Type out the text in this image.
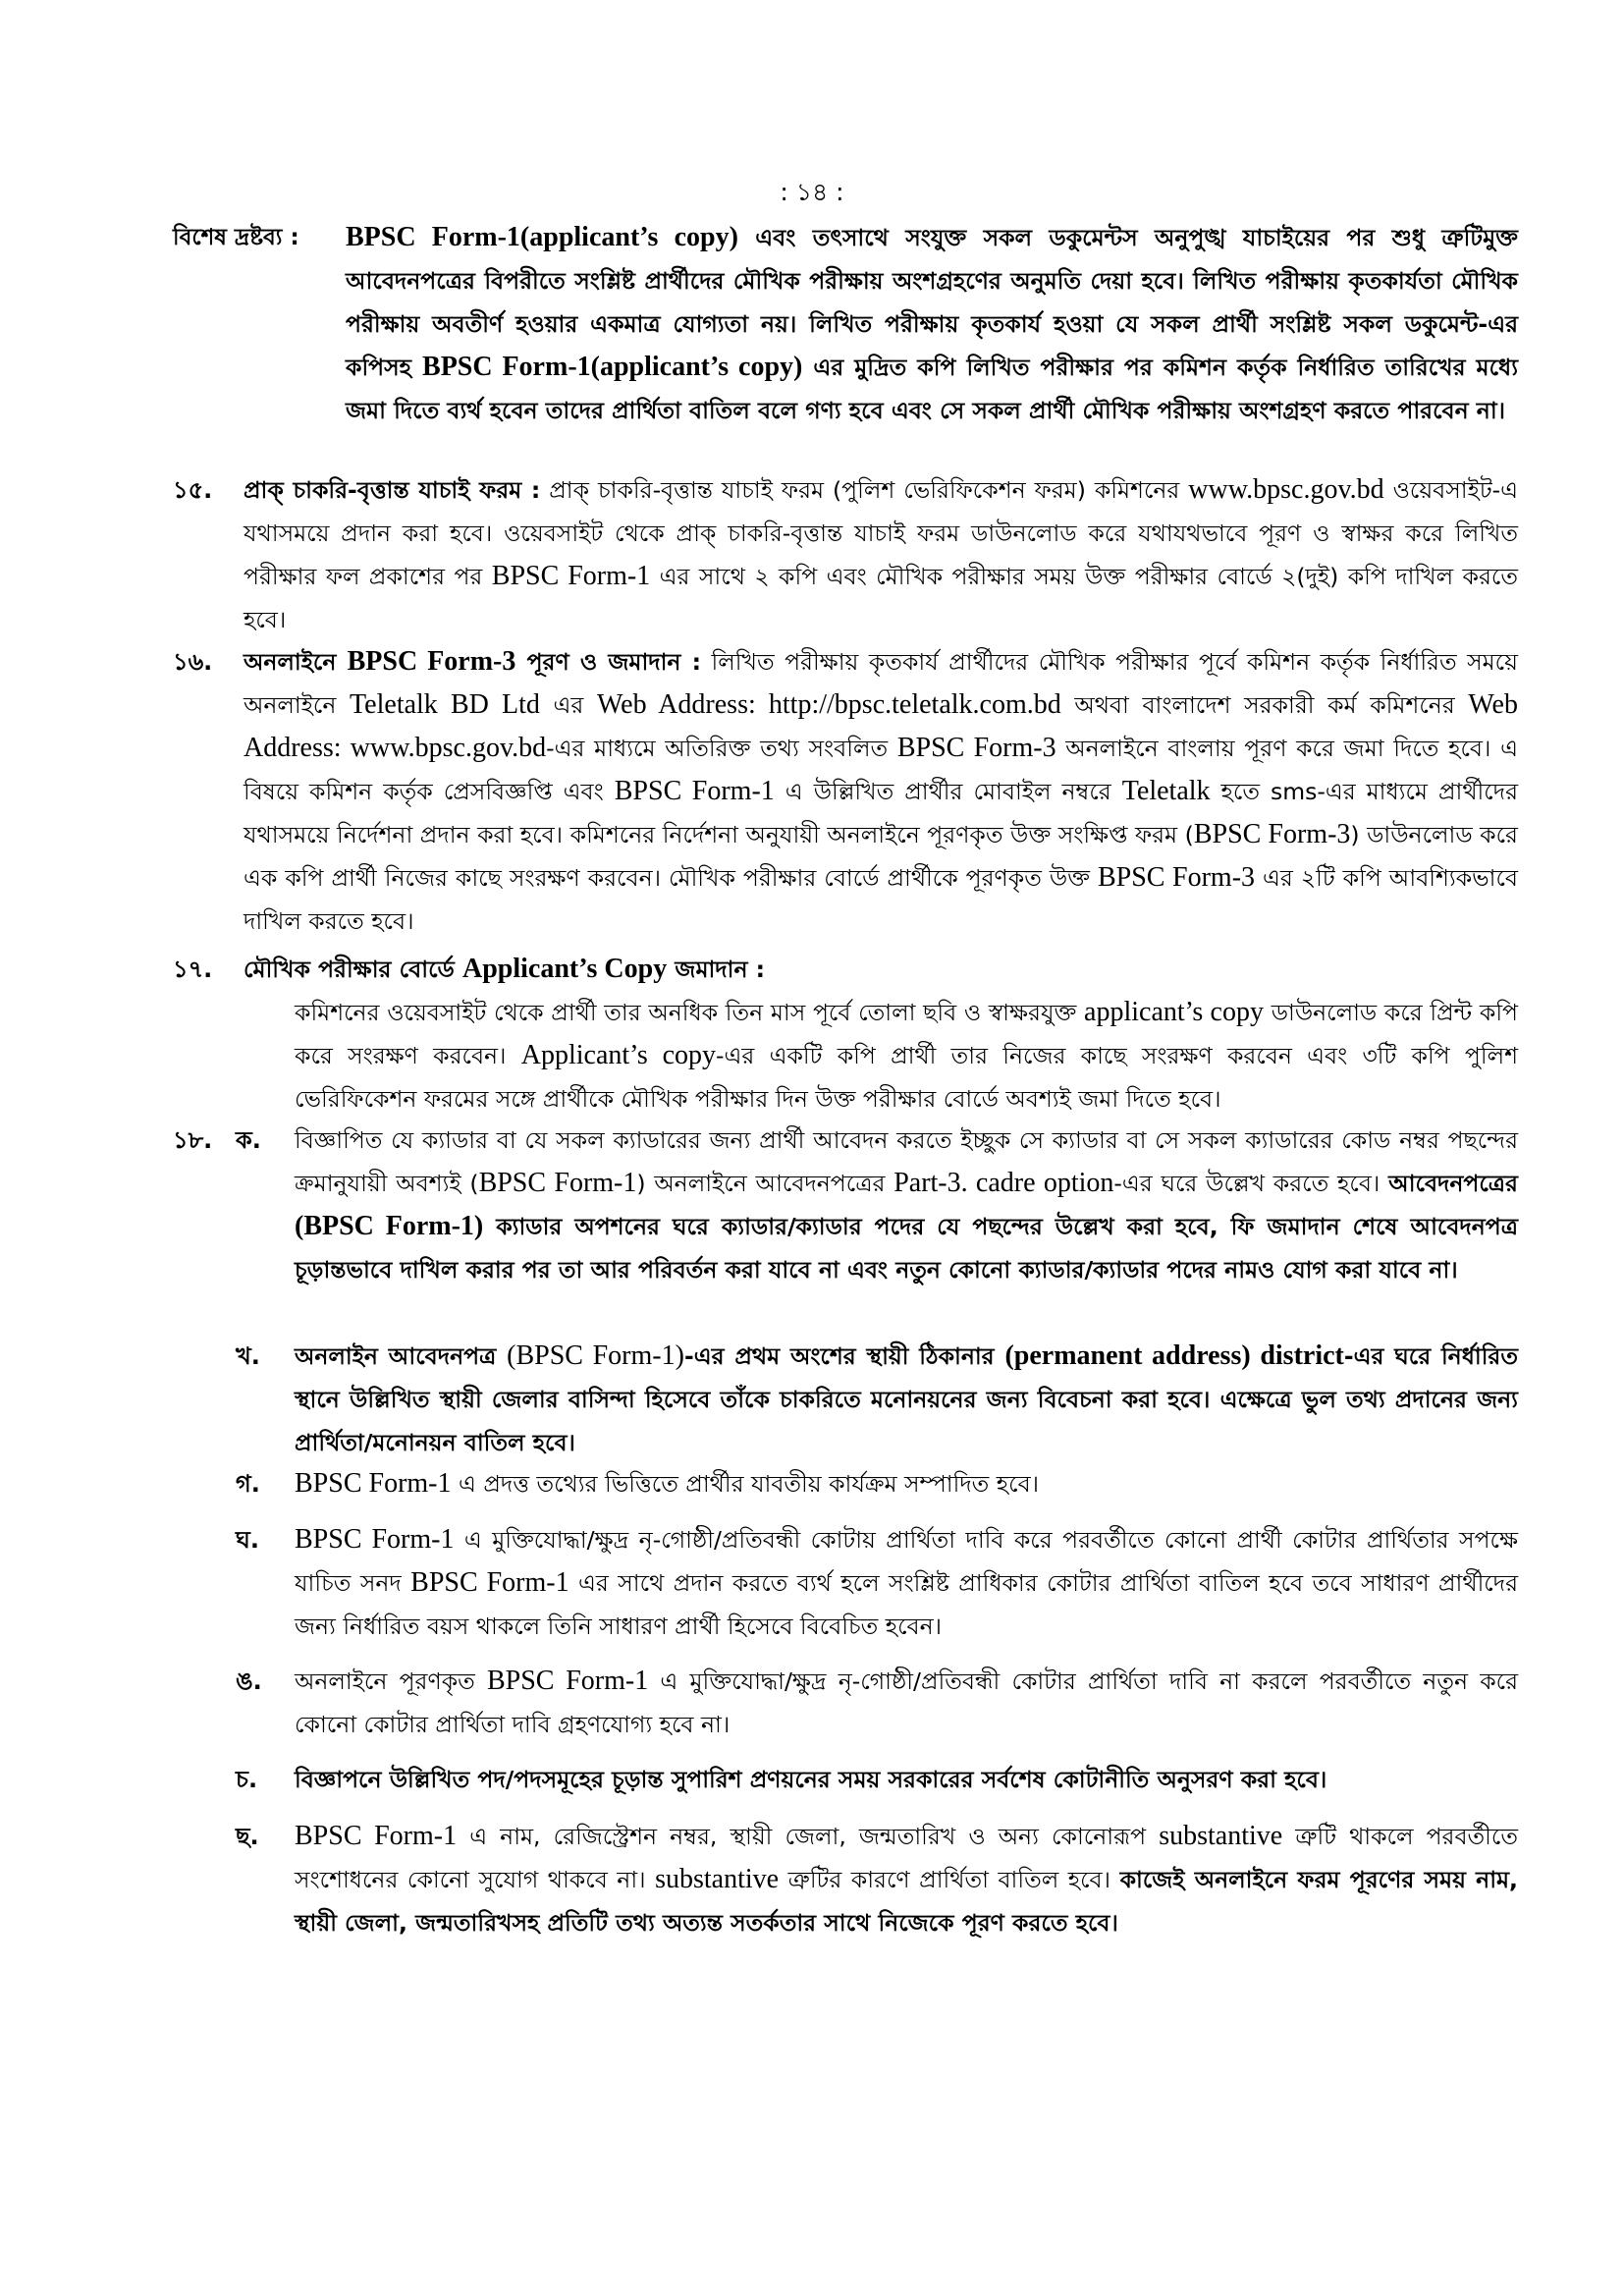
: ১৪ :
বিশেষ দ্রষ্টব্য : BPSC Form-1(applicant’s copy) এবং তৎসাথে সংযুক্ত সকল ডকুমেন্টস অনুপুঙ্খ যাচাইয়ের পর শুধু ত্রুটিমুক্ত আবেদনপত্রের বিপরীতে সংশ্লিষ্ট প্রার্থীদের মৌখিক পরীক্ষায় অংশগ্রহণের অনুমতি দেয়া হবে। লিখিত পরীক্ষায় কৃতকার্যতা মৌখিক পরীক্ষায় অবতীর্ণ হওয়ার একমাত্র যোগ্যতা নয়। লিখিত পরীক্ষায় কৃতকার্য হওয়া যে সকল প্রার্থী সংশ্লিষ্ট সকল ডকুমেন্ট-এর কপিসহ BPSC Form-1(applicant’s copy) এর মুদ্রিত কপি লিখিত পরীক্ষার পর কমিশন কর্তৃক নির্ধারিত তারিখের মধ্যে জমা দিতে ব্যর্থ হবেন তাদের প্রার্থিতা বাতিল বলে গণ্য হবে এবং সে সকল প্রার্থী মৌখিক পরীক্ষায় অংশগ্রহণ করতে পারবেন না।
১৫. প্রাক্ চাকরি-বৃত্তান্ত যাচাই ফরম : প্রাক্ চাকরি-বৃত্তান্ত যাচাই ফরম (পুলিশ ভেরিফিকেশন ফরম) কমিশনের www.bpsc.gov.bd ওয়েবসাইট-এ যথাসময়ে প্রদান করা হবে। ওয়েবসাইট থেকে প্রাক্ চাকরি-বৃত্তান্ত যাচাই ফরম ডাউনলোড করে যথাযথভাবে পূরণ ও স্বাক্ষর করে লিখিত পরীক্ষার ফল প্রকাশের পর BPSC Form-1 এর সাথে ২ কপি এবং মৌখিক পরীক্ষার সময় উক্ত পরীক্ষার বোর্ডে ২(দুই) কপি দাখিল করতে হবে।
১৬. অনলাইনে BPSC Form-3 পূরণ ও জমাদান : লিখিত পরীক্ষায় কৃতকার্য প্রার্থীদের মৌখিক পরীক্ষার পূর্বে কমিশন কর্তৃক নির্ধারিত সময়ে অনলাইনে Teletalk BD Ltd এর Web Address: http://bpsc.teletalk.com.bd অথবা বাংলাদেশ সরকারী কর্ম কমিশনের Web Address: www.bpsc.gov.bd-এর মাধ্যমে অতিরিক্ত তথ্য সংবলিত BPSC Form-3 অনলাইনে বাংলায় পূরণ করে জমা দিতে হবে। এ বিষয়ে কমিশন কর্তৃক প্রেসবিজ্ঞপ্তি এবং BPSC Form-1 এ উল্লিখিত প্রার্থীর মোবাইল নম্বরে Teletalk হতে sms-এর মাধ্যমে প্রার্থীদের যথাসময়ে নির্দেশনা প্রদান করা হবে। কমিশনের নির্দেশনা অনুযায়ী অনলাইনে পূরণকৃত উক্ত সংক্ষিপ্ত ফরম (BPSC Form-3) ডাউনলোড করে এক কপি প্রার্থী নিজের কাছে সংরক্ষণ করবেন। মৌখিক পরীক্ষার বোর্ডে প্রার্থীকে পূরণকৃত উক্ত BPSC Form-3 এর ২টি কপি আবশ্যিকভাবে দাখিল করতে হবে।
১৭. মৌখিক পরীক্ষার বোর্ডে Applicant’s Copy জমাদান :
কমিশনের ওয়েবসাইট থেকে প্রার্থী তার অনধিক তিন মাস পূর্বে তোলা ছবি ও স্বাক্ষরযুক্ত applicant’s copy ডাউনলোড করে প্রিন্ট কপি করে সংরক্ষণ করবেন। Applicant’s copy-এর একটি কপি প্রার্থী তার নিজের কাছে সংরক্ষণ করবেন এবং ৩টি কপি পুলিশ ভেরিফিকেশন ফরমের সঙ্গে প্রার্থীকে মৌখিক পরীক্ষার দিন উক্ত পরীক্ষার বোর্ডে অবশ্যই জমা দিতে হবে।
১৮. ক. বিজ্ঞাপিত যে ক্যাডার বা যে সকল ক্যাডারের জন্য প্রার্থী আবেদন করতে ইচ্ছুক সে ক্যাডার বা সে সকল ক্যাডারের কোড নম্বর পছন্দের ক্রমানুযায়ী অবশ্যই (BPSC Form-1) অনলাইনে আবেদনপত্রের Part-3. cadre option-এর ঘরে উল্লেখ করতে হবে। আবেদনপত্রের (BPSC Form-1) ক্যাডার অপশনের ঘরে ক্যাডার/ক্যাডার পদের যে পছন্দের উল্লেখ করা হবে, ফি জমাদান শেষে আবেদনপত্র চূড়ান্তভাবে দাখিল করার পর তা আর পরিবর্তন করা যাবে না এবং নতুন কোনো ক্যাডার/ক্যাডার পদের নামও যোগ করা যাবে না।
খ. অনলাইন আবেদনপত্র (BPSC Form-1)-এর প্রথম অংশের স্থায়ী ঠিকানার (permanent address) district-এর ঘরে নির্ধারিত স্থানে উল্লিখিত স্থায়ী জেলার বাসিন্দা হিসেবে তাঁকে চাকরিতে মনোনয়নের জন্য বিবেচনা করা হবে। এক্ষেত্রে ভুল তথ্য প্রদানের জন্য প্রার্থিতা/মনোনয়ন বাতিল হবে।
গ. BPSC Form-1 এ প্রদত্ত তথ্যের ভিত্তিতে প্রার্থীর যাবতীয় কার্যক্রম সম্পাদিত হবে।
ঘ. BPSC Form-1 এ মুক্তিযোদ্ধা/ক্ষুদ্র নৃ-গোষ্ঠী/প্রতিবন্ধী কোটায় প্রার্থিতা দাবি করে পরবর্তীতে কোনো প্রার্থী কোটার প্রার্থিতার সপক্ষে যাচিত সনদ BPSC Form-1 এর সাথে প্রদান করতে ব্যর্থ হলে সংশ্লিষ্ট প্রাধিকার কোটার প্রার্থিতা বাতিল হবে তবে সাধারণ প্রার্থীদের জন্য নির্ধারিত বয়স থাকলে তিনি সাধারণ প্রার্থী হিসেবে বিবেচিত হবেন।
ঙ. অনলাইনে পূরণকৃত BPSC Form-1 এ মুক্তিযোদ্ধা/ক্ষুদ্র নৃ-গোষ্ঠী/প্রতিবন্ধী কোটার প্রার্থিতা দাবি না করলে পরবর্তীতে নতুন করে কোনো কোটার প্রার্থিতা দাবি গ্রহণযোগ্য হবে না।
চ. বিজ্ঞাপনে উল্লিখিত পদ/পদসমূহের চূড়ান্ত সুপারিশ প্রণয়নের সময় সরকারের সর্বশেষ কোটানীতি অনুসরণ করা হবে।
ছ. BPSC Form-1 এ নাম, রেজিস্ট্রেশন নম্বর, স্থায়ী জেলা, জন্মতারিখ ও অন্য কোনোরূপ substantive ত্রুটি থাকলে পরবর্তীতে সংশোধনের কোনো সুযোগ থাকবে না। substantive ত্রুটির কারণে প্রার্থিতা বাতিল হবে। কাজেই অনলাইনে ফরম পূরণের সময় নাম, স্থায়ী জেলা, জন্মতারিখসহ প্রতিটি তথ্য অত্যন্ত সতর্কতার সাথে নিজেকে পূরণ করতে হবে।
